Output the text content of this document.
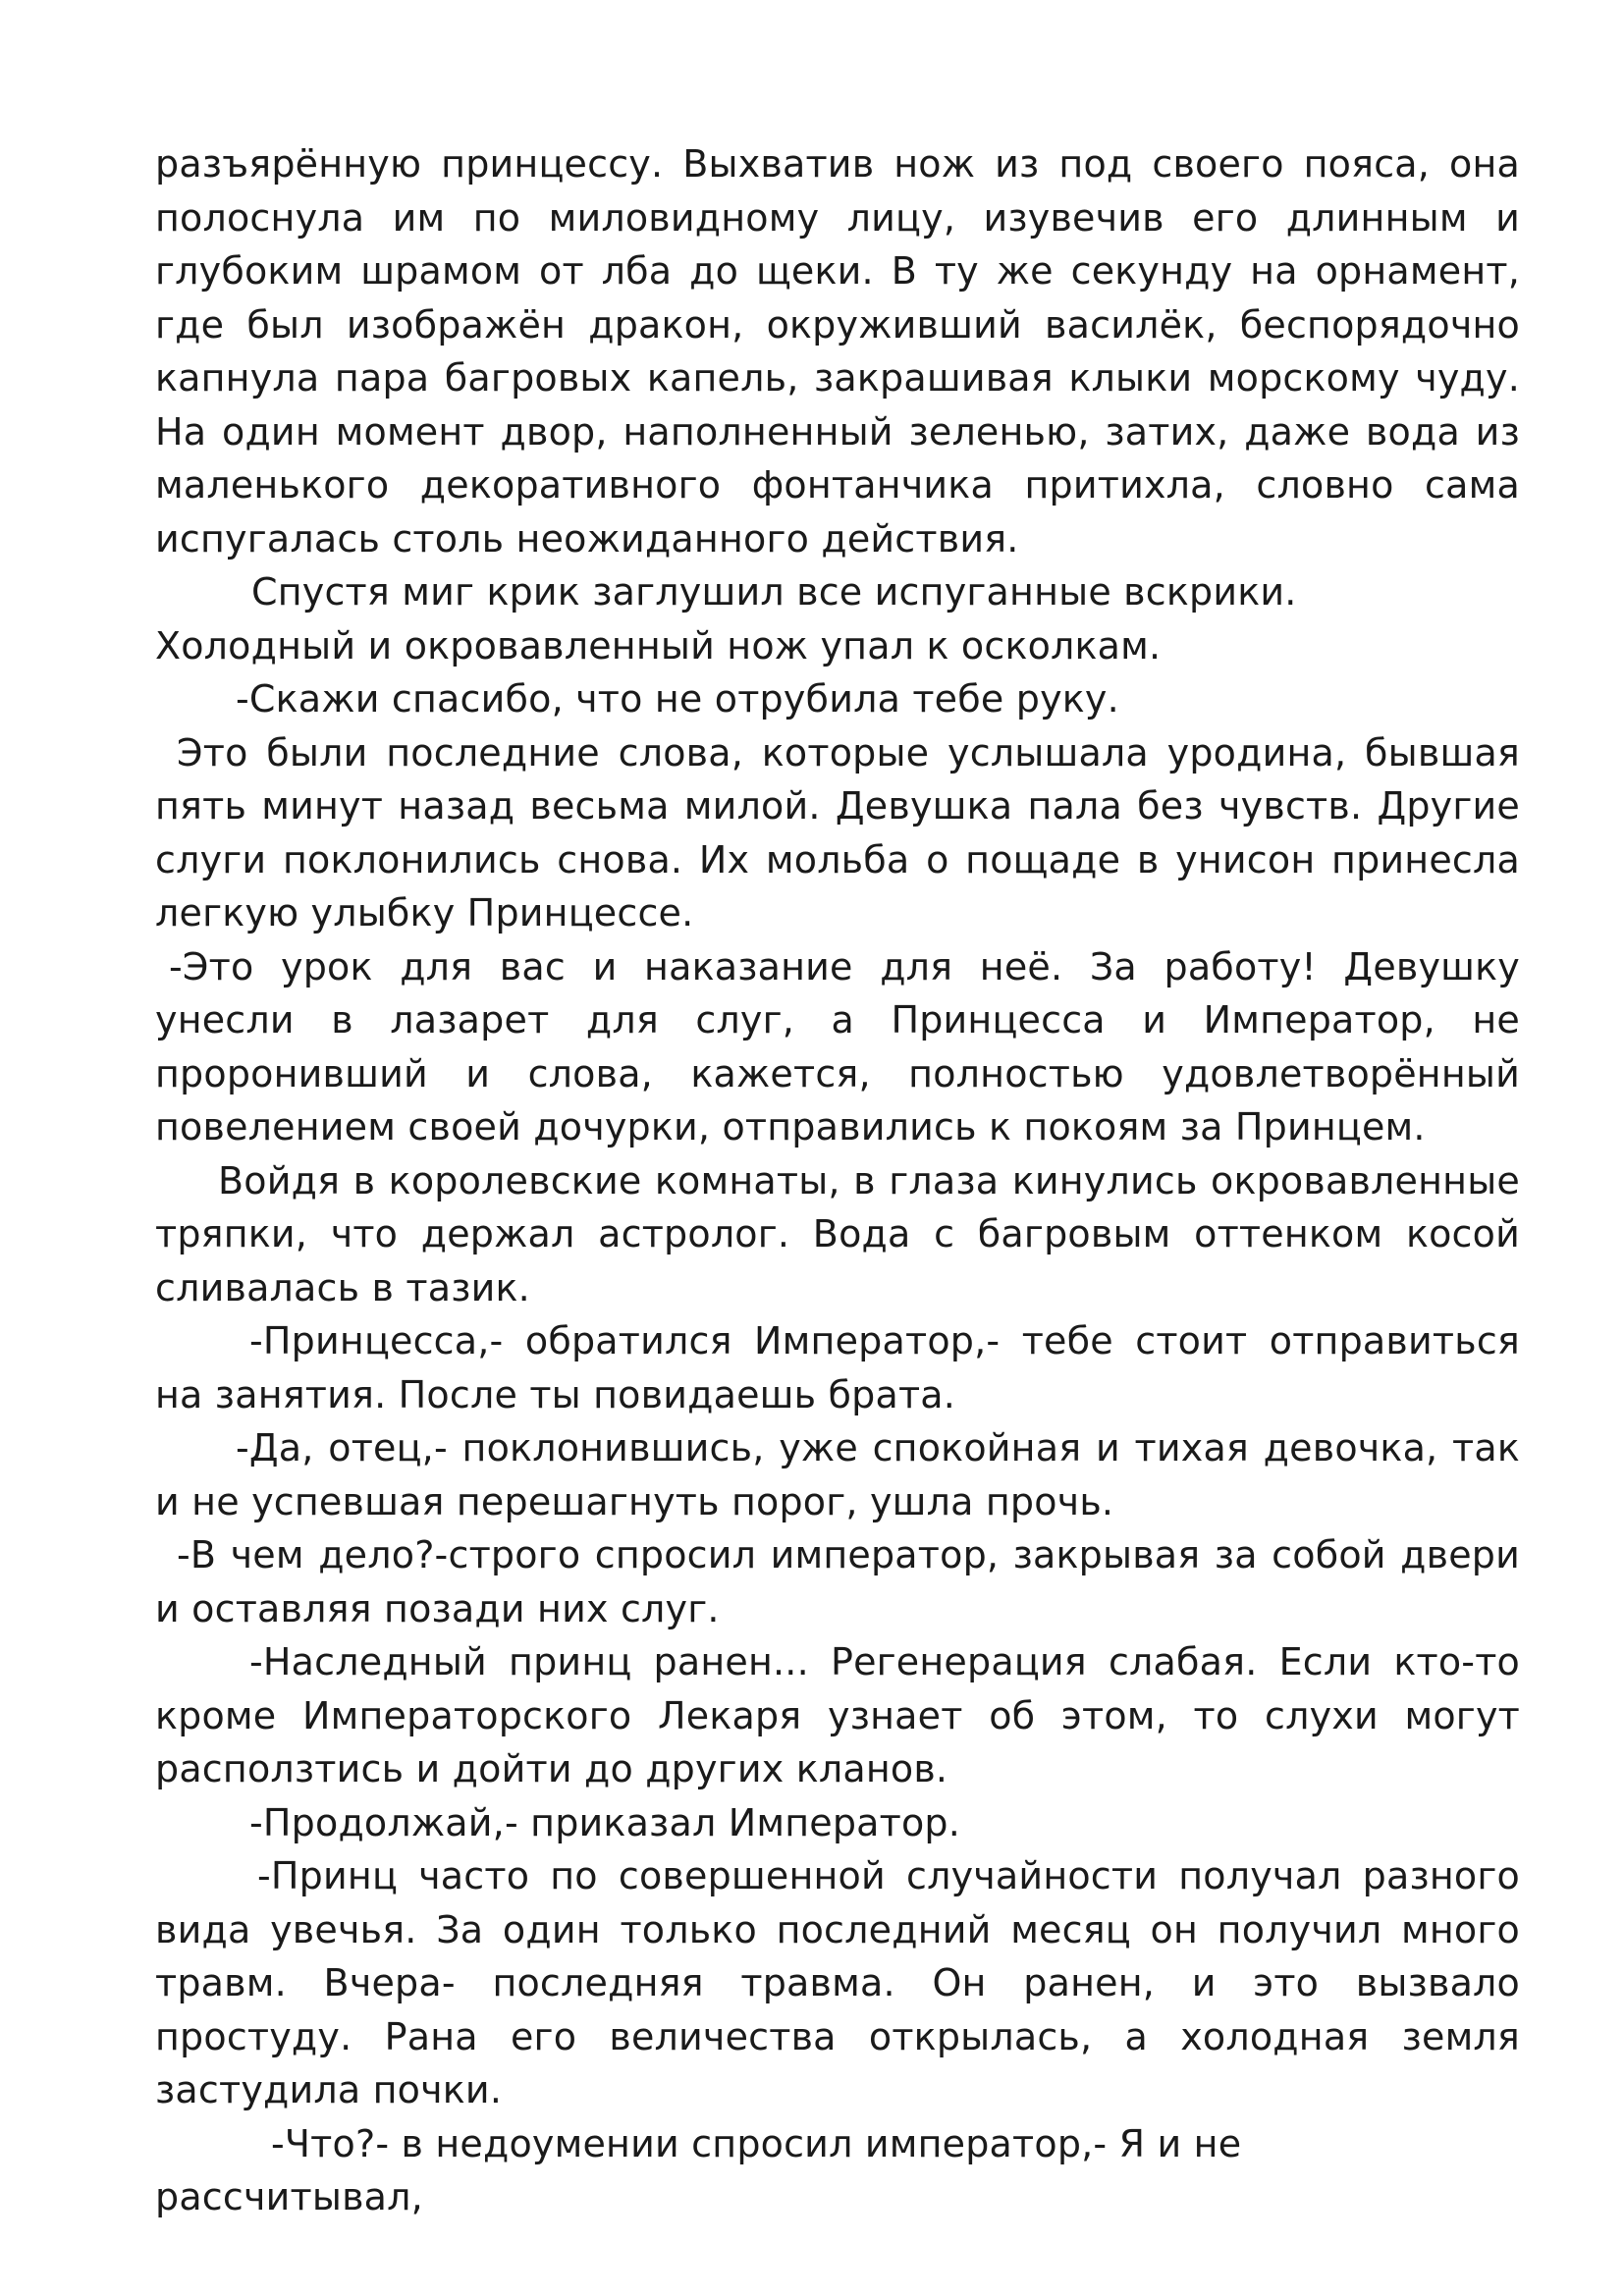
разъярённую принцессу. Выхватив нож из под своего пояса, она полоснула им по миловидному лицу, изувечив его длинным и глубоким шрамом от лба до щеки. В ту же секунду на орнамент, где был изображён дракон, окруживший василёк, беспорядочно капнула пара багровых капель, закрашивая клыки морскому чуду. На один момент двор, наполненный зеленью, затих, даже вода из маленького декоративного фонтанчика притихла, словно сама испугалась столь неожиданного действия.

Спустя миг крик заглушил все испуганные вскрики.

Холодный и окровавленный нож упал к осколкам.

-Скажи спасибо, что не отрубила тебе руку.

Это были последние слова, которые услышала уродина, бывшая пять минут назад весьма милой. Девушка пала без чувств. Другие слуги поклонились снова. Их мольба о пощаде в унисон принесла легкую улыбку Принцессе.

-Это урок для вас и наказание для неё. За работу! Девушку унесли в лазарет для слуг, а Принцесса и Император, не проронивший и слова, кажется, полностью удовлетворённый повелением своей дочурки, отправились к покоям за Принцем.

Войдя в королевские комнаты, в глаза кинулись окровавленные тряпки, что держал астролог. Вода с багровым оттенком косой сливалась в тазик.

-Принцесса,- обратился Император,- тебе стоит отправиться на занятия. После ты повидаешь брата.

-Да, отец,- поклонившись, уже спокойная и тихая девочка, так и не успевшая перешагнуть порог, ушла прочь.

-В чем дело?-строго спросил император, закрывая за собой двери и оставляя позади них слуг.

-Наследный принц ранен... Регенерация слабая. Если кто-то кроме Императорского Лекаря узнает об этом, то слухи могут расползтись и дойти до других кланов.

-Продолжай,- приказал Император.

-Принц часто по совершенной случайности получал разного вида увечья. За один только последний месяц он получил много травм. Вчера- последняя травма. Он ранен, и это вызвало простуду. Рана его величества открылась, а холодная земля застудила почки.

-Что?- в недоумении спросил император,- Я и не рассчитывал,
